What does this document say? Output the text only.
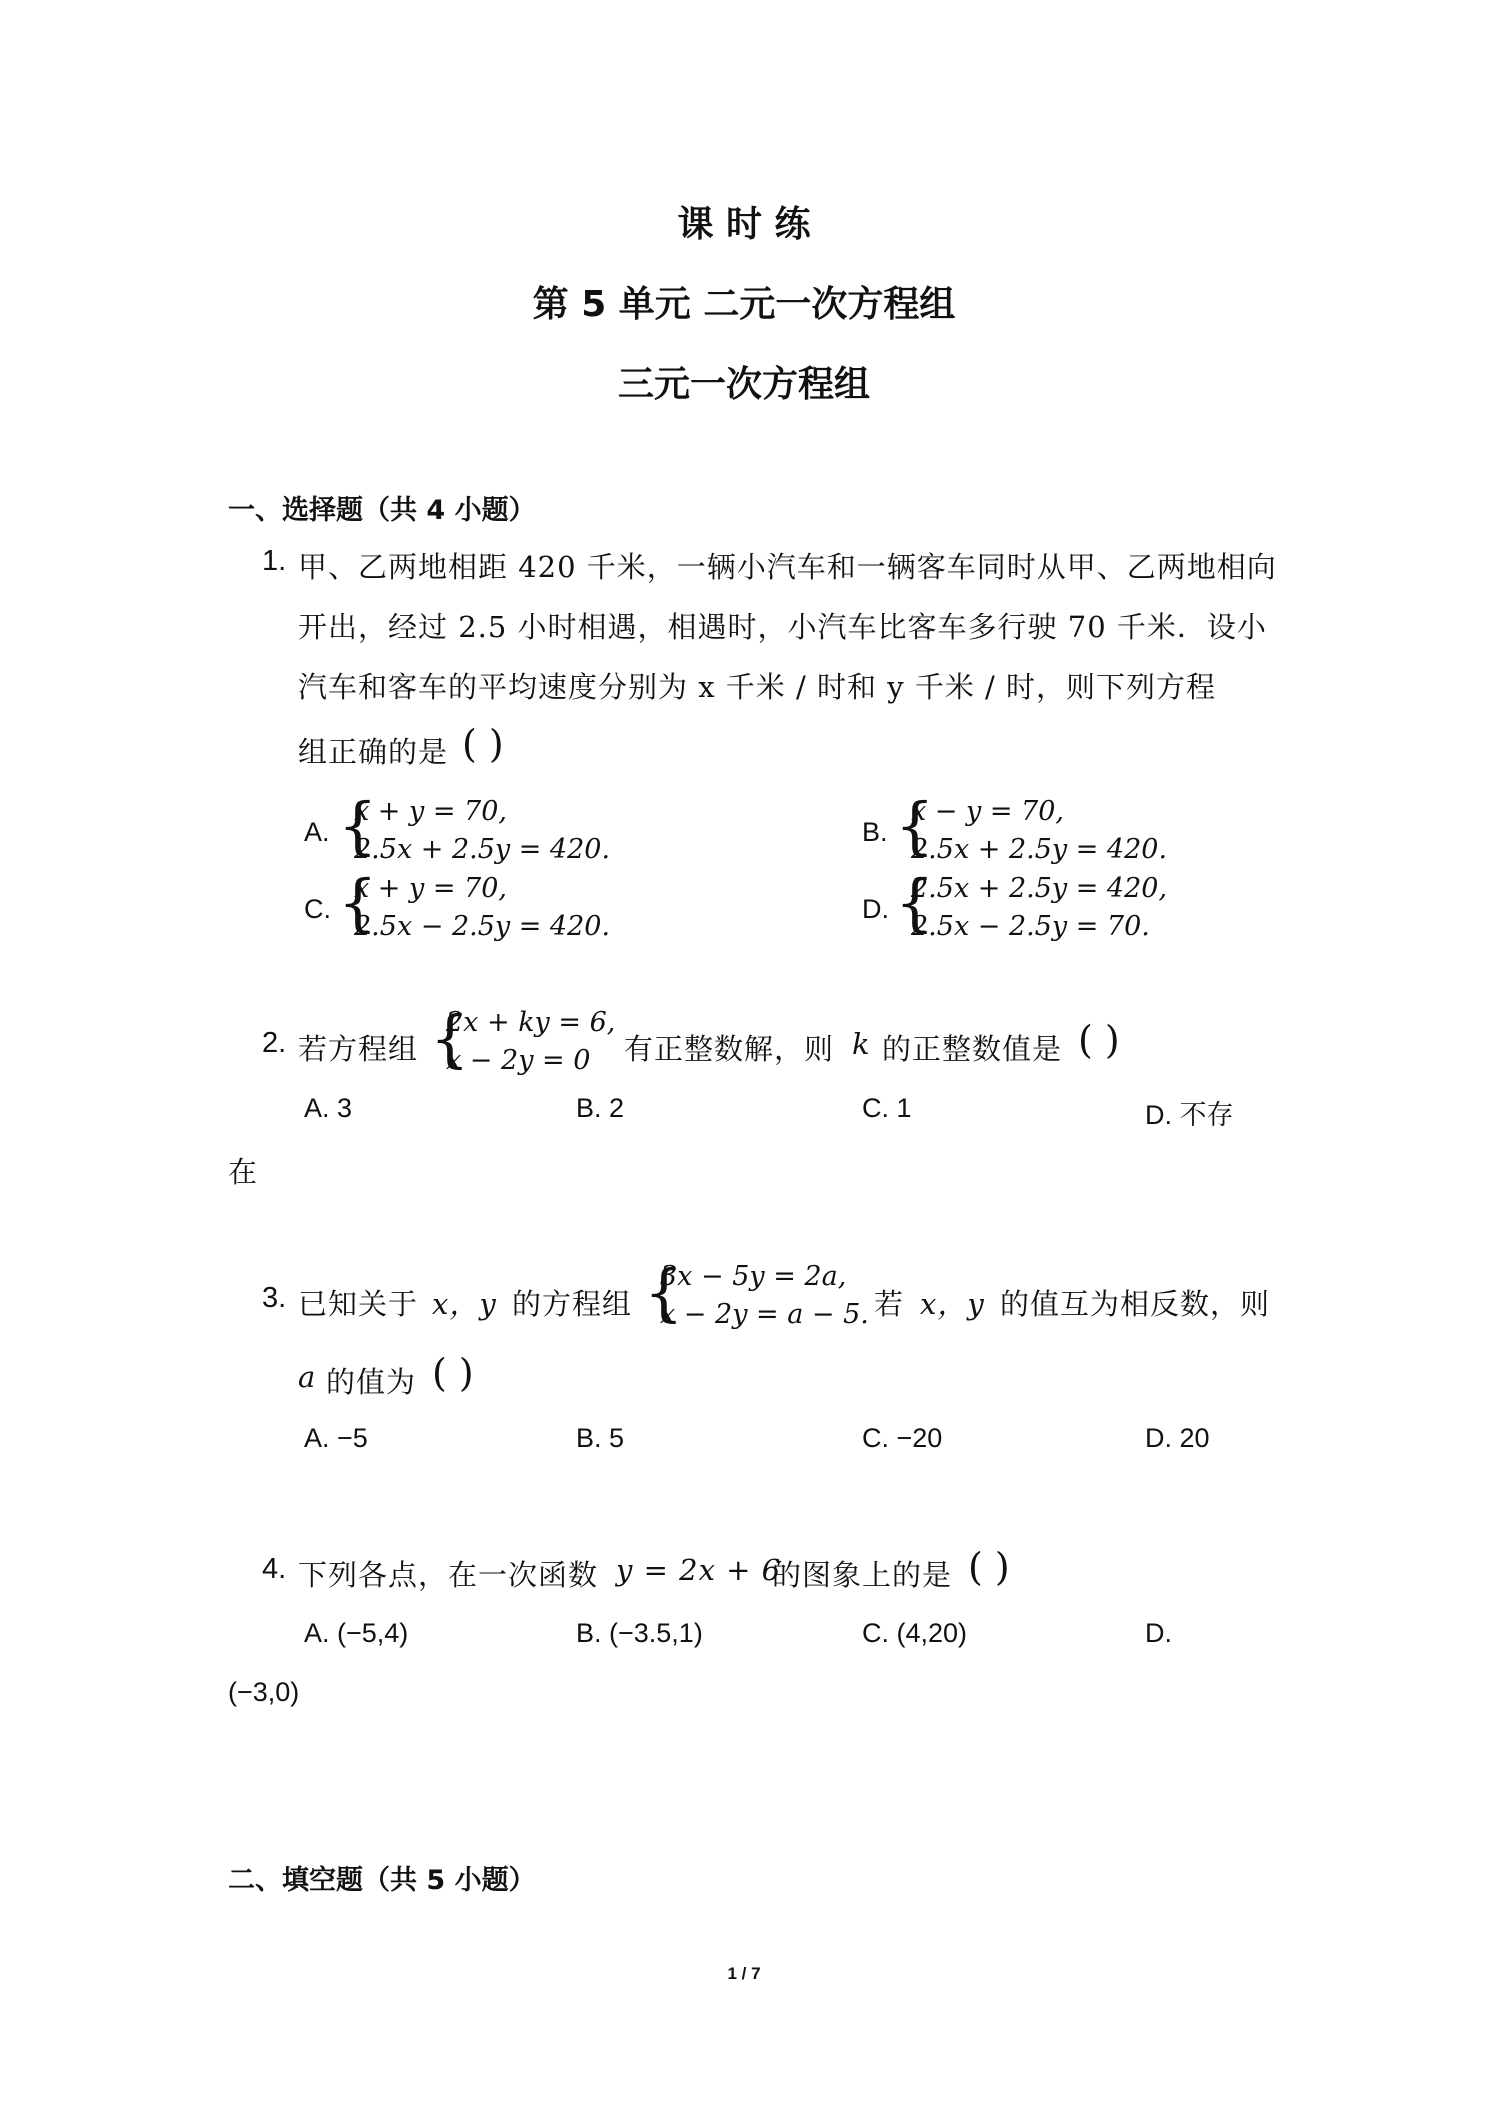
课 时 练
第 5 单元 二元一次方程组
三元一次方程组
一、选择题（共 4 小题）
1. 甲、乙两地相距 420 千米，一辆小汽车和一辆客车同时从甲、乙两地相向
开出，经过 2.5 小时相遇，相遇时，小汽车比客车多行驶 70 千米．设小
汽车和客车的平均速度分别为 x 千米 / 时和 y 千米 / 时，则下列方程
组正确的是 ( )
A. {
x + y = 70,
2.5x + 2.5y = 420.
B. {
x − y = 70,
2.5x + 2.5y = 420.
C. {
x + y = 70,
2.5x − 2.5y = 420.
D. {
2.5x + 2.5y = 420,
2.5x − 2.5y = 70.
2. 若方程组 {
2x + ky = 6,
x − 2y = 0	有正整数解，则 k 的正整数值是 ( )
A. 3	B. 2	C. 1	D. 不存
在
3. 已知关于 x，y 的方程组 {
3x − 5y = 2a,
x − 2y = a − 5. 若 x，y 的值互为相反数，则
a 的值为 ( )
A. −5	B. 5	C. −20	D. 20
4. 下列各点，在一次函数 y = 2x + 6
的图象上的是 ( )
A. (−5,4)	B. (−3.5,1)	C. (4,20)	D.
(−3,0)
二、填空题（共 5 小题）
1 / 7
